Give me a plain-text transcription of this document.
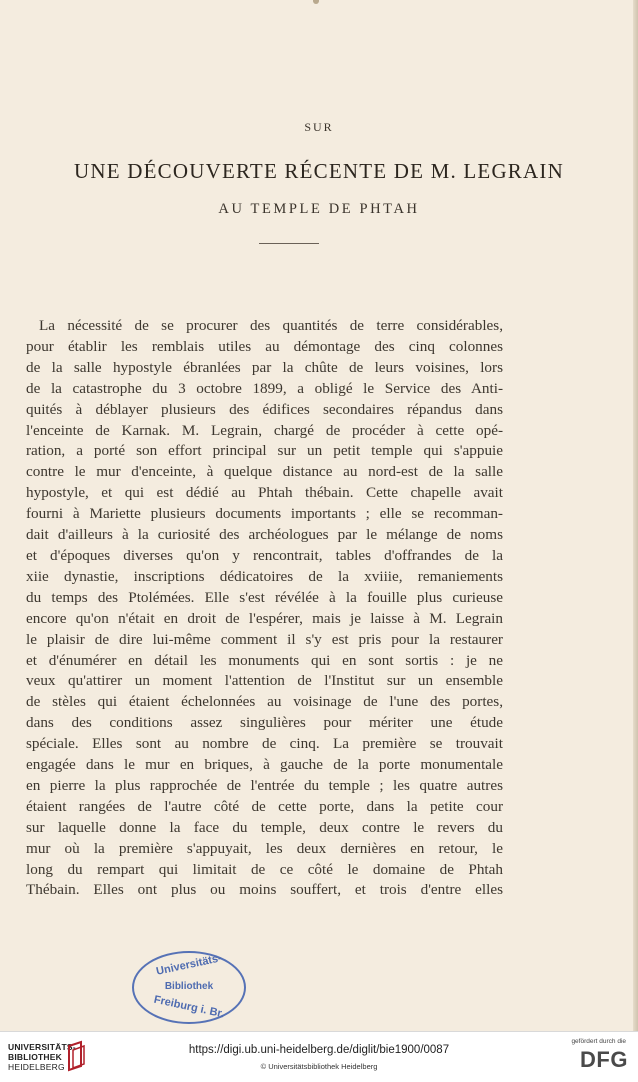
SUR
UNE DÉCOUVERTE RÉCENTE DE M. LEGRAIN
AU TEMPLE DE PHTAH
La nécessité de se procurer des quantités de terre considérables,
pour établir les remblais utiles au démontage des cinq colonnes
de la salle hypostyle ébranlées par la chûte de leurs voisines, lors
de la catastrophe du 3 octobre 1899, a obligé le Service des Anti-
quités à déblayer plusieurs des édifices secondaires répandus dans
l'enceinte de Karnak. M. Legrain, chargé de procéder à cette opé-
ration, a porté son effort principal sur un petit temple qui s'appuie
contre le mur d'enceinte, à quelque distance au nord-est de la salle
hypostyle, et qui est dédié au Phtah thébain. Cette chapelle avait
fourni à Mariette plusieurs documents importants ; elle se recomman-
dait d'ailleurs à la curiosité des archéologues par le mélange de noms
et d'époques diverses qu'on y rencontrait, tables d'offrandes de la
xiie dynastie, inscriptions dédicatoires de la xviiie, remaniements
du temps des Ptolémées. Elle s'est révélée à la fouille plus curieuse
encore qu'on n'était en droit de l'espérer, mais je laisse à M. Legrain
le plaisir de dire lui-même comment il s'y est pris pour la restaurer
et d'énumérer en détail les monuments qui en sont sortis : je ne
veux qu'attirer un moment l'attention de l'Institut sur un ensemble
de stèles qui étaient échelonnées au voisinage de l'une des portes,
dans des conditions assez singulières pour mériter une étude
spéciale. Elles sont au nombre de cinq. La première se trouvait
engagée dans le mur en briques, à gauche de la porte monumentale
en pierre la plus rapprochée de l'entrée du temple ; les quatre autres
étaient rangées de l'autre côté de cette porte, dans la petite cour
sur laquelle donne la face du temple, deux contre le revers du
mur où la première s'appuyait, les deux dernières en retour, le
long du rempart qui limitait de ce côté le domaine de Phtah
Thébain. Elles ont plus ou moins souffert, et trois d'entre elles
Universitäts-
Bibliothek
Freiburg i. Br.
UNIVERSITÄTS-
BIBLIOTHEK
HEIDELBERG
https://digi.ub.uni-heidelberg.de/diglit/bie1900/0087
© Universitätsbibliothek Heidelberg
gefördert durch die
DFG
